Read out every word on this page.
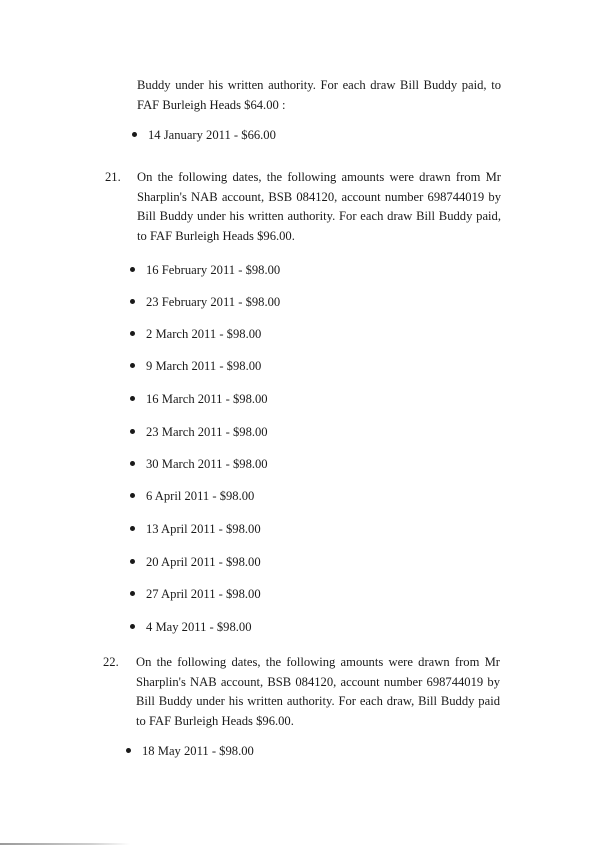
Buddy under his written authority. For each draw Bill Buddy paid, to FAF Burleigh Heads $64.00 :

14 January 2011 - $66.00

21. On the following dates, the following amounts were drawn from Mr Sharplin's NAB account, BSB 084120, account number 698744019 by Bill Buddy under his written authority. For each draw Bill Buddy paid, to FAF Burleigh Heads $96.00.

16 February 2011 - $98.00
23 February 2011 - $98.00
2 March 2011 - $98.00
9 March 2011 - $98.00
16 March 2011 - $98.00
23 March 2011 - $98.00
30 March 2011 - $98.00
6 April 2011 - $98.00
13 April 2011 - $98.00
20 April 2011 - $98.00
27 April 2011 - $98.00
4 May 2011 - $98.00

22. On the following dates, the following amounts were drawn from Mr Sharplin's NAB account, BSB 084120, account number 698744019 by Bill Buddy under his written authority. For each draw, Bill Buddy paid to FAF Burleigh Heads $96.00.

18 May 2011 - $98.00
